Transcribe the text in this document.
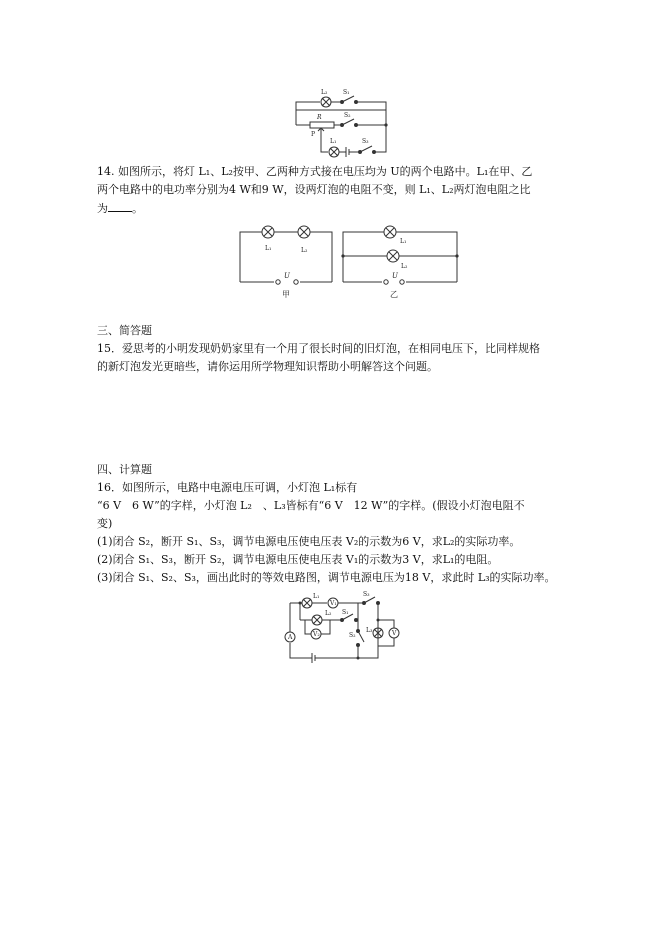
L₂	S₁
R	S₂
P
L₁	S₃
14. 如图所示，将灯 L₁、L₂按甲、乙两种方式接在电压均为 U的两个电路中。L₁在甲、乙
两个电路中的电功率分别为4 W和9 W，设两灯泡的电阻不变，则 L₁、L₂两灯泡电阻之比
为 。
L₁	L₂
U
甲
L₁
L₂
U
乙
三、简答题
15．爱思考的小明发现奶奶家里有一个用了很长时间的旧灯泡，在相同电压下，比同样规格
的新灯泡发光更暗些，请你运用所学物理知识帮助小明解答这个问题。
四、计算题
16．如图所示，电路中电源电压可调，小灯泡 L₁标有
“6 V　6 W”的字样，小灯泡 L₂　、L₃皆标有“6 V　12 W”的字样。(假设小灯泡电阻不
变)
(1)闭合 S₂，断开 S₁、S₃，调节电源电压使电压表 V₂的示数为6 V，求L₂的实际功率。
(2)闭合 S₁、S₃，断开 S₂，调节电源电压使电压表 V₁的示数为3 V，求L₁的电阻。
(3)闭合 S₁、S₂、S₃，画出此时的等效电路图，调节电源电压为18 V，求此时 L₃的实际功率。
L₁
V₁
S₁
L₂
A	V₂	S₂
S₃
L₃	V
